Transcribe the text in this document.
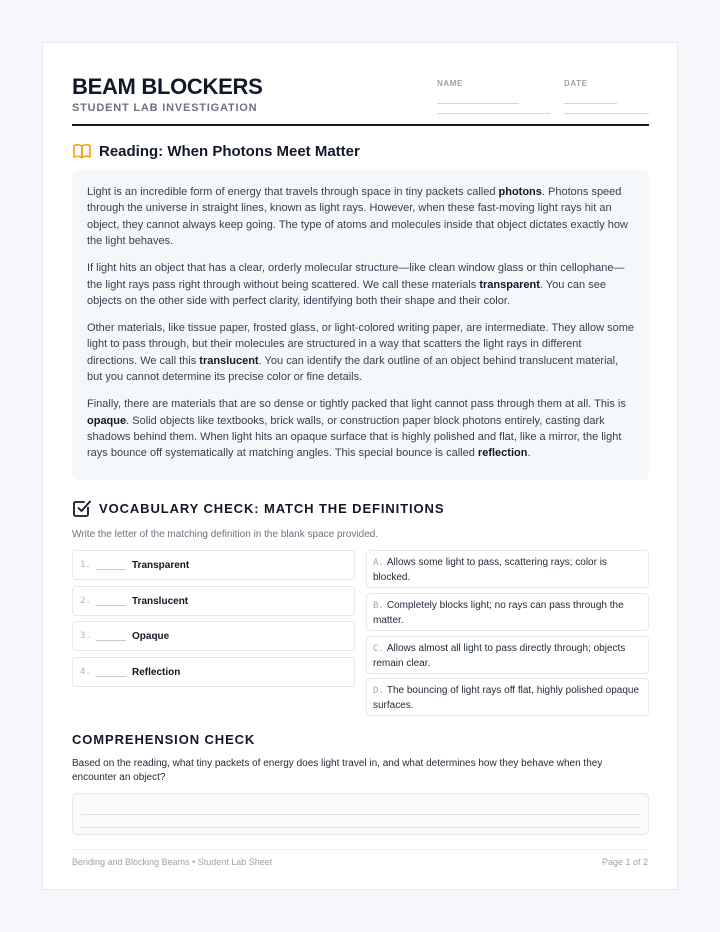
BEAM BLOCKERS
STUDENT LAB INVESTIGATION
NAME	DATE
Reading: When Photons Meet Matter

Light is an incredible form of energy that travels through space in tiny packets called photons. Photons speed through the universe in straight lines, known as light rays. However, when these fast-moving light rays hit an object, they cannot always keep going. The type of atoms and molecules inside that object dictates exactly how the light behaves.

If light hits an object that has a clear, orderly molecular structure—like clean window glass or thin cellophane—the light rays pass right through without being scattered. We call these materials transparent. You can see objects on the other side with perfect clarity, identifying both their shape and their color.

Other materials, like tissue paper, frosted glass, or light-colored writing paper, are intermediate. They allow some light to pass through, but their molecules are structured in a way that scatters the light rays in different directions. We call this translucent. You can identify the dark outline of an object behind translucent material, but you cannot determine its precise color or fine details.

Finally, there are materials that are so dense or tightly packed that light cannot pass through them at all. This is opaque. Solid objects like textbooks, brick walls, or construction paper block photons entirely, casting dark shadows behind them. When light hits an opaque surface that is highly polished and flat, like a mirror, the light rays bounce off systematically at matching angles. This special bounce is called reflection.

VOCABULARY CHECK: MATCH THE DEFINITIONS
Write the letter of the matching definition in the blank space provided.
1.	Transparent
2.	Translucent
3.	Opaque
4.	Reflection
A. Allows some light to pass, scattering rays; color is blocked.
B. Completely blocks light; no rays can pass through the matter.
C. Allows almost all light to pass directly through; objects remain clear.
D. The bouncing of light rays off flat, highly polished opaque surfaces.
COMPREHENSION CHECK
Based on the reading, what tiny packets of energy does light travel in, and what determines how they behave when they encounter an object?
Bending and Blocking Beams • Student Lab Sheet	Page 1 of 2
